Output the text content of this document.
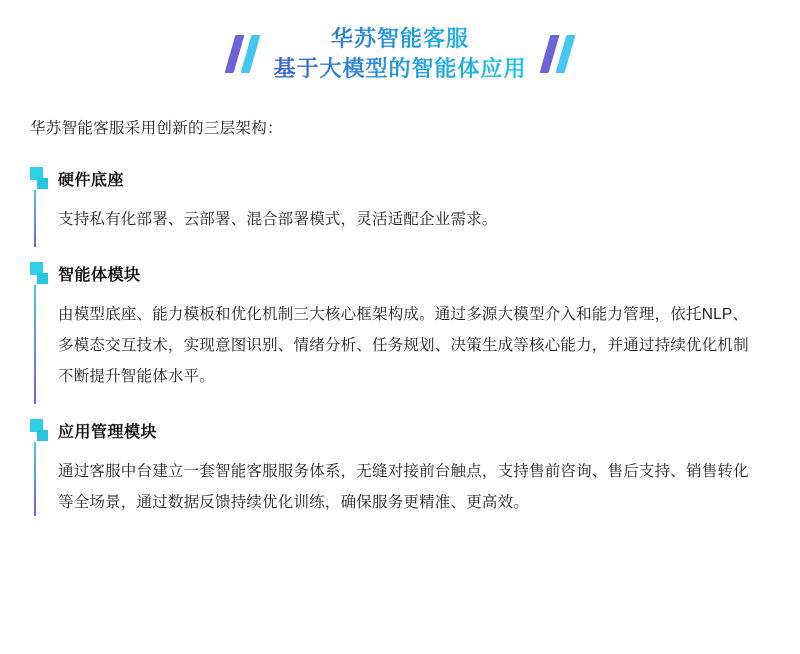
华苏智能客服
基于大模型的智能体应用
华苏智能客服采用创新的三层架构：
硬件底座
支持私有化部署、云部署、混合部署模式，灵活适配企业需求。
智能体模块
由模型底座、能力模板和优化机制三大核心框架构成。通过多源大模型介入和能力管理，依托NLP、多模态交互技术，实现意图识别、情绪分析、任务规划、决策生成等核心能力，并通过持续优化机制不断提升智能体水平。
应用管理模块
通过客服中台建立一套智能客服服务体系，无缝对接前台触点，支持售前咨询、售后支持、销售转化等全场景，通过数据反馈持续优化训练，确保服务更精准、更高效。
